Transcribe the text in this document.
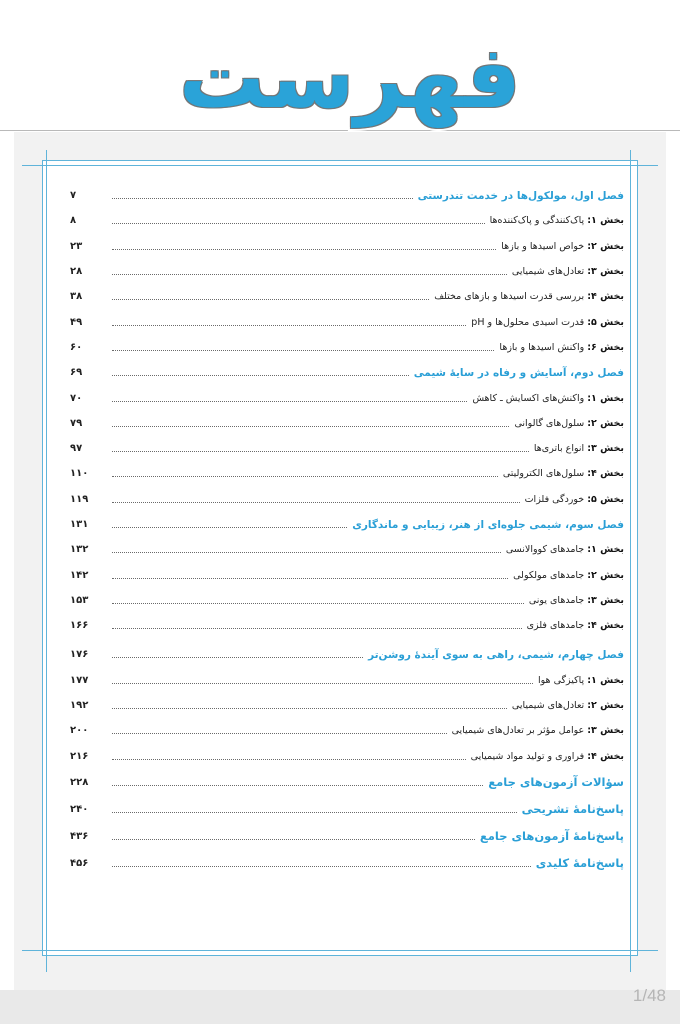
فهرست
فصل اول، مولکول‌ها در خدمت تندرستی
۷
بخش ۱: پاک‌کنندگی و پاک‌کننده‌ها
۸
بخش ۲: خواص اسیدها و بازها
۲۳
بخش ۳: تعادل‌های شیمیایی
۲۸
بخش ۴: بررسی قدرت اسیدها و بازهای مختلف
۳۸
بخش ۵: قدرت اسیدی محلول‌ها و pH
۴۹
بخش ۶: واکنش اسیدها و بازها
۶۰
فصل دوم، آسایش و رفاه در سایهٔ شیمی
۶۹
بخش ۱: واکنش‌های اکسایش ـ کاهش
۷۰
بخش ۲: سلول‌های گالوانی
۷۹
بخش ۳: انواع باتری‌ها
۹۷
بخش ۴: سلول‌های الکترولیتی
۱۱۰
بخش ۵: خوردگی فلزات
۱۱۹
فصل سوم، شیمی جلوه‌ای از هنر، زیبایی و ماندگاری
۱۳۱
بخش ۱: جامدهای کووالانسی
۱۳۲
بخش ۲: جامدهای مولکولی
۱۴۲
بخش ۳: جامدهای یونی
۱۵۳
بخش ۴: جامدهای فلزی
۱۶۶
فصل چهارم، شیمی، راهی به سوی آیندهٔ روشن‌تر
۱۷۶
بخش ۱: پاکیزگی هوا
۱۷۷
بخش ۲: تعادل‌های شیمیایی
۱۹۲
بخش ۳: عوامل مؤثر بر تعادل‌های شیمیایی
۲۰۰
بخش ۴: فراوری و تولید مواد شیمیایی
۲۱۶
سؤالات آزمون‌های جامع
۲۲۸
پاسخ‌نامهٔ تشریحی
۲۴۰
پاسخ‌نامهٔ آزمون‌های جامع
۴۳۶
پاسخ‌نامهٔ کلیدی
۴۵۶
1/48
